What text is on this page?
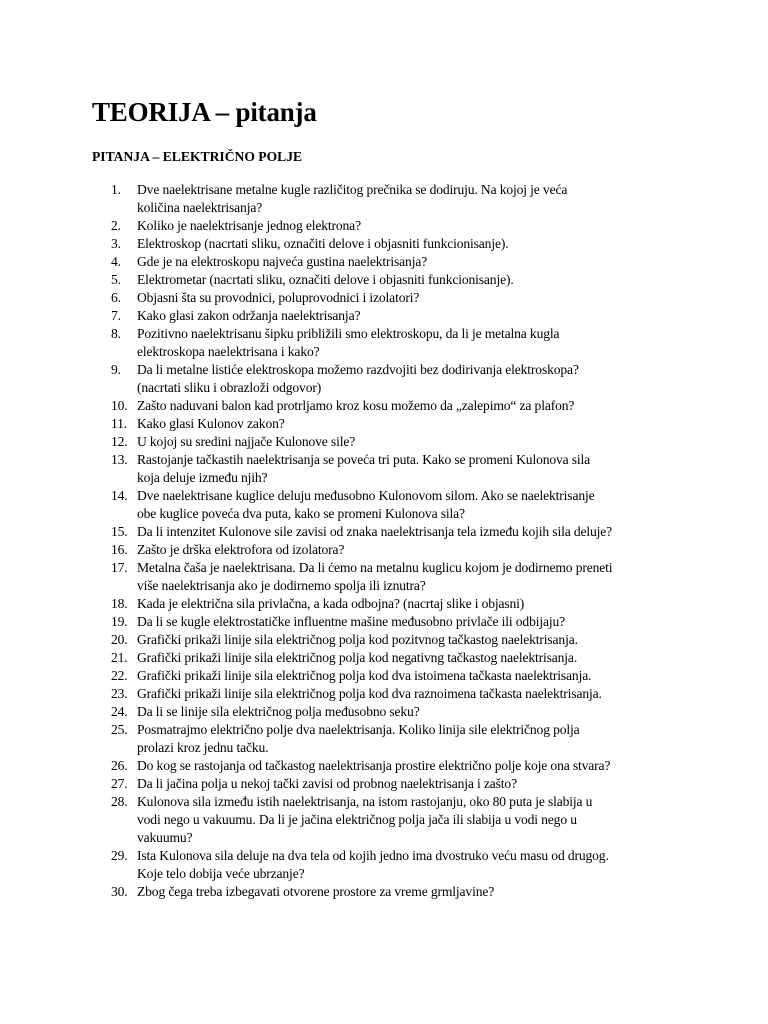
TEORIJA – pitanja
PITANJA – ELEKTRIČNO POLJE
1. Dve naelektrisane metalne kugle različitog prečnika se dodiruju. Na kojoj je veća
količina naelektrisanja?
2. Koliko je naelektrisanje jednog elektrona?
3. Elektroskop (nacrtati sliku, označiti delove i objasniti funkcionisanje).
4. Gde je na elektroskopu najveća gustina naelektrisanja?
5. Elektrometar (nacrtati sliku, označiti delove i objasniti funkcionisanje).
6. Objasni šta su provodnici, poluprovodnici i izolatori?
7. Kako glasi zakon održanja naelektrisanja?
8. Pozitivno naelektrisanu šipku približili smo elektroskopu, da li je metalna kugla
elektroskopa naelektrisana i kako?
9. Da li metalne listiće elektroskopa možemo razdvojiti bez dodirivanja elektroskopa?
(nacrtati sliku i obrazloži odgovor)
10. Zašto naduvani balon kad protrljamo kroz kosu možemo da „zalepimo“ za plafon?
11. Kako glasi Kulonov zakon?
12. U kojoj su sredini najjače Kulonove sile?
13. Rastojanje tačkastih naelektrisanja se poveća tri puta. Kako se promeni Kulonova sila
koja deluje između njih?
14. Dve naelektrisane kuglice deluju međusobno Kulonovom silom. Ako se naelektrisanje
obe kuglice poveća dva puta, kako se promeni Kulonova sila?
15. Da li intenzitet Kulonove sile zavisi od znaka naelektrisanja tela između kojih sila deluje?
16. Zašto je drška elektrofora od izolatora?
17. Metalna čaša je naelektrisana. Da li ćemo na metalnu kuglicu kojom je dodirnemo preneti
više naelektrisanja ako je dodirnemo spolja ili iznutra?
18. Kada je električna sila privlačna, a kada odbojna? (nacrtaj slike i objasni)
19. Da li se kugle elektrostatičke influentne mašine međusobno privlače ili odbijaju?
20. Grafički prikaži linije sila električnog polja kod pozitvnog tačkastog naelektrisanja.
21. Grafički prikaži linije sila električnog polja kod negativng tačkastog naelektrisanja.
22. Grafički prikaži linije sila električnog polja kod dva istoimena tačkasta naelektrisanja.
23. Grafički prikaži linije sila električnog polja kod dva raznoimena tačkasta naelektrisanja.
24. Da li se linije sila električnog polja međusobno seku?
25. Posmatrajmo električno polje dva naelektrisanja. Koliko linija sile električnog polja
prolazi kroz jednu tačku.
26. Do kog se rastojanja od tačkastog naelektrisanja prostire električno polje koje ona stvara?
27. Da li jačina polja u nekoj tački zavisi od probnog naelektrisanja i zašto?
28. Kulonova sila između istih naelektrisanja, na istom rastojanju, oko 80 puta je slabija u
vodi nego u vakuumu. Da li je jačina električnog polja jača ili slabija u vodi nego u
vakuumu?
29. Ista Kulonova sila deluje na dva tela od kojih jedno ima dvostruko veću masu od drugog.
Koje telo dobija veće ubrzanje?
30. Zbog čega treba izbegavati otvorene prostore za vreme grmljavine?
